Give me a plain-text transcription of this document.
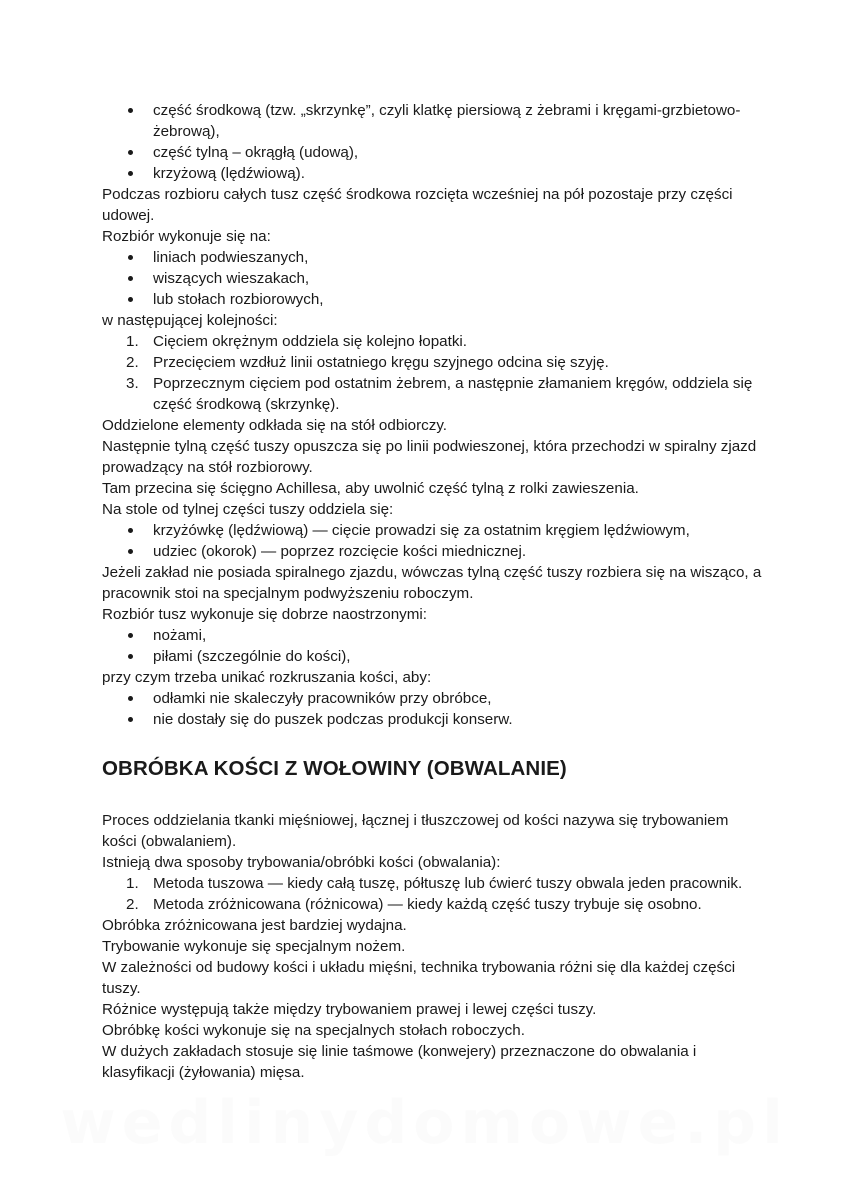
część środkową (tzw. „skrzynkę”, czyli klatkę piersiową z żebrami i kręgami-grzbietowo-żebrową),
część tylną – okrągłą (udową),
krzyżową (lędźwiową).

Podczas rozbioru całych tusz część środkowa rozcięta wcześniej na pół pozostaje przy części udowej.

Rozbiór wykonuje się na:

liniach podwieszanych,
wiszących wieszakach,
lub stołach rozbiorowych,

w następującej kolejności:

1. Cięciem okrężnym oddziela się kolejno łopatki.
2. Przecięciem wzdłuż linii ostatniego kręgu szyjnego odcina się szyję.
3. Poprzecznym cięciem pod ostatnim żebrem, a następnie złamaniem kręgów, oddziela się część środkową (skrzynkę).

Oddzielone elementy odkłada się na stół odbiorczy.

Następnie tylną część tuszy opuszcza się po linii podwieszonej, która przechodzi w spiralny zjazd prowadzący na stół rozbiorowy.

Tam przecina się ścięgno Achillesa, aby uwolnić część tylną z rolki zawieszenia.

Na stole od tylnej części tuszy oddziela się:

krzyżówkę (lędźwiową) — cięcie prowadzi się za ostatnim kręgiem lędźwiowym,
udziec (okorok) — poprzez rozcięcie kości miednicznej.

Jeżeli zakład nie posiada spiralnego zjazdu, wówczas tylną część tuszy rozbiera się na wisząco, a pracownik stoi na specjalnym podwyższeniu roboczym.

Rozbiór tusz wykonuje się dobrze naostrzonymi:

nożami,
piłami (szczególnie do kości),

przy czym trzeba unikać rozkruszania kości, aby:

odłamki nie skaleczyły pracowników przy obróbce,
nie dostały się do puszek podczas produkcji konserw.
OBRÓBKA KOŚCI Z WOŁOWINY (OBWALANIE)

Proces oddzielania tkanki mięśniowej, łącznej i tłuszczowej od kości nazywa się trybowaniem kości (obwalaniem).

Istnieją dwa sposoby trybowania/obróbki kości (obwalania):

1. Metoda tuszowa — kiedy całą tuszę, półtuszę lub ćwierć tuszy obwala jeden pracownik.
2. Metoda zróżnicowana (różnicowa) — kiedy każdą część tuszy trybuje się osobno.

Obróbka zróżnicowana jest bardziej wydajna.

Trybowanie wykonuje się specjalnym nożem.

W zależności od budowy kości i układu mięśni, technika trybowania różni się dla każdej części tuszy.

Różnice występują także między trybowaniem prawej i lewej części tuszy.

Obróbkę kości wykonuje się na specjalnych stołach roboczych.

W dużych zakładach stosuje się linie taśmowe (konwejery) przeznaczone do obwalania i klasyfikacji (żyłowania) mięsa.

wedlinydomowe.pl
